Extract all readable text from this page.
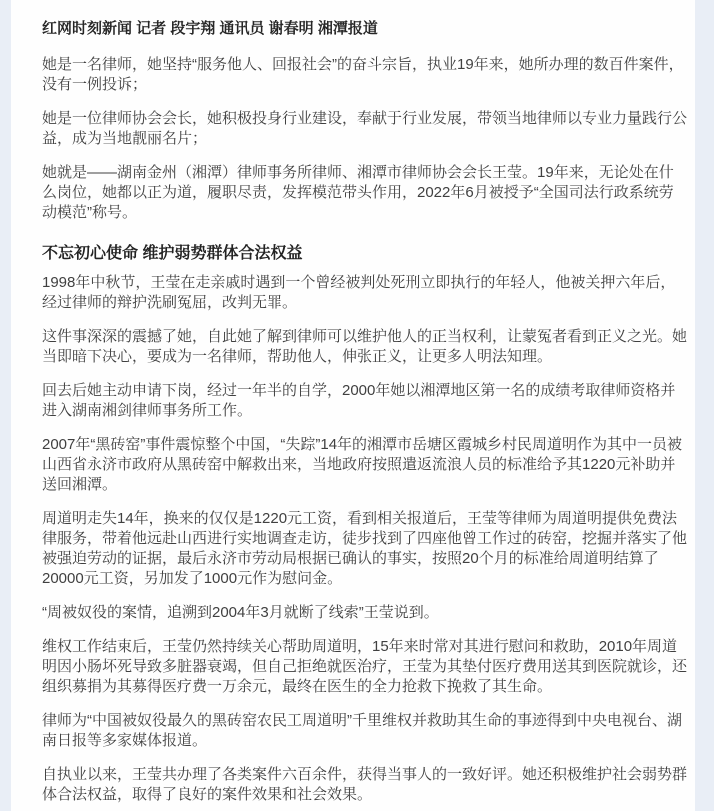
红网时刻新闻 记者 段宇翔 通讯员 谢春明 湘潭报道

她是一名律师，她坚持“服务他人、回报社会”的奋斗宗旨，执业19年来，她所办理的数百件案件，没有一例投诉；

她是一位律师协会会长，她积极投身行业建设，奉献于行业发展，带领当地律师以专业力量践行公益，成为当地靓丽名片；

她就是——湖南金州（湘潭）律师事务所律师、湘潭市律师协会会长王莹。19年来，无论处在什么岗位，她都以正为道，履职尽责，发挥模范带头作用，2022年6月被授予“全国司法行政系统劳动模范”称号。

不忘初心使命 维护弱势群体合法权益

1998年中秋节，王莹在走亲戚时遇到一个曾经被判处死刑立即执行的年轻人，他被关押六年后，经过律师的辩护洗刷冤屈，改判无罪。

这件事深深的震撼了她，自此她了解到律师可以维护他人的正当权利，让蒙冤者看到正义之光。她当即暗下决心，要成为一名律师，帮助他人，伸张正义，让更多人明法知理。

回去后她主动申请下岗，经过一年半的自学，2000年她以湘潭地区第一名的成绩考取律师资格并进入湖南湘剑律师事务所工作。

2007年“黑砖窑”事件震惊整个中国，“失踪”14年的湘潭市岳塘区霞城乡村民周道明作为其中一员被山西省永济市政府从黑砖窑中解救出来，当地政府按照遣返流浪人员的标准给予其1220元补助并送回湘潭。

周道明走失14年，换来的仅仅是1220元工资，看到相关报道后，王莹等律师为周道明提供免费法律服务，带着他远赴山西进行实地调查走访，徒步找到了四座他曾工作过的砖窑，挖掘并落实了他被强迫劳动的证据，最后永济市劳动局根据已确认的事实，按照20个月的标准给周道明结算了20000元工资，另加发了1000元作为慰问金。

“周被奴役的案情，追溯到2004年3月就断了线索”王莹说到。

维权工作结束后，王莹仍然持续关心帮助周道明，15年来时常对其进行慰问和救助，2010年周道明因小肠坏死导致多脏器衰竭，但自己拒绝就医治疗，王莹为其垫付医疗费用送其到医院就诊，还组织募捐为其募得医疗费一万余元，最终在医生的全力抢救下挽救了其生命。

律师为“中国被奴役最久的黑砖窑农民工周道明”千里维权并救助其生命的事迹得到中央电视台、湖南日报等多家媒体报道。

自执业以来，王莹共办理了各类案件六百余件，获得当事人的一致好评。她还积极维护社会弱势群体合法权益，取得了良好的案件效果和社会效果。
